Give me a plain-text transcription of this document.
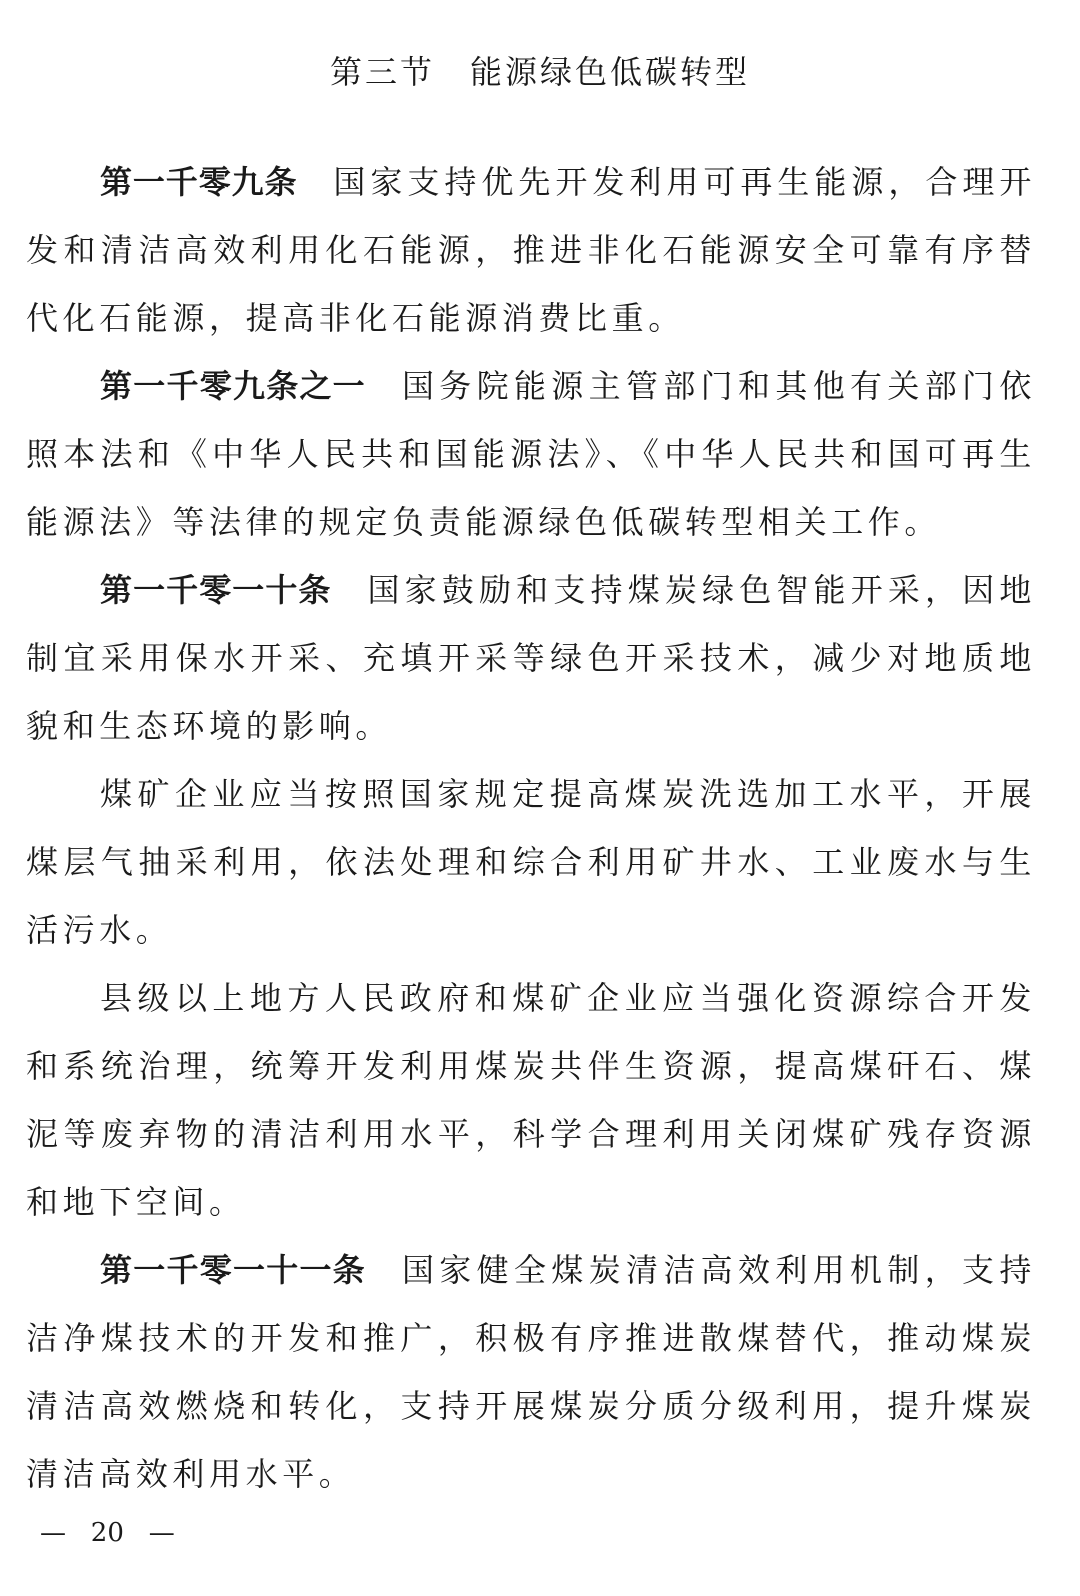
第三节　能源绿色低碳转型

第一千零九条 国家支持优先开发利用可再生能源，合理开发和清洁高效利用化石能源，推进非化石能源安全可靠有序替代化石能源，提高非化石能源消费比重。

第一千零九条之一 国务院能源主管部门和其他有关部门依照本法和《中华人民共和国能源法》、《中华人民共和国可再生能源法》等法律的规定负责能源绿色低碳转型相关工作。

第一千零一十条 国家鼓励和支持煤炭绿色智能开采，因地制宜采用保水开采、充填开采等绿色开采技术，减少对地质地貌和生态环境的影响。

煤矿企业应当按照国家规定提高煤炭洗选加工水平，开展煤层气抽采利用，依法处理和综合利用矿井水、工业废水与生活污水。

县级以上地方人民政府和煤矿企业应当强化资源综合开发和系统治理，统筹开发利用煤炭共伴生资源，提高煤矸石、煤泥等废弃物的清洁利用水平，科学合理利用关闭煤矿残存资源和地下空间。

第一千零一十一条 国家健全煤炭清洁高效利用机制，支持洁净煤技术的开发和推广，积极有序推进散煤替代，推动煤炭清洁高效燃烧和转化，支持开展煤炭分质分级利用，提升煤炭清洁高效利用水平。

— 20 —
